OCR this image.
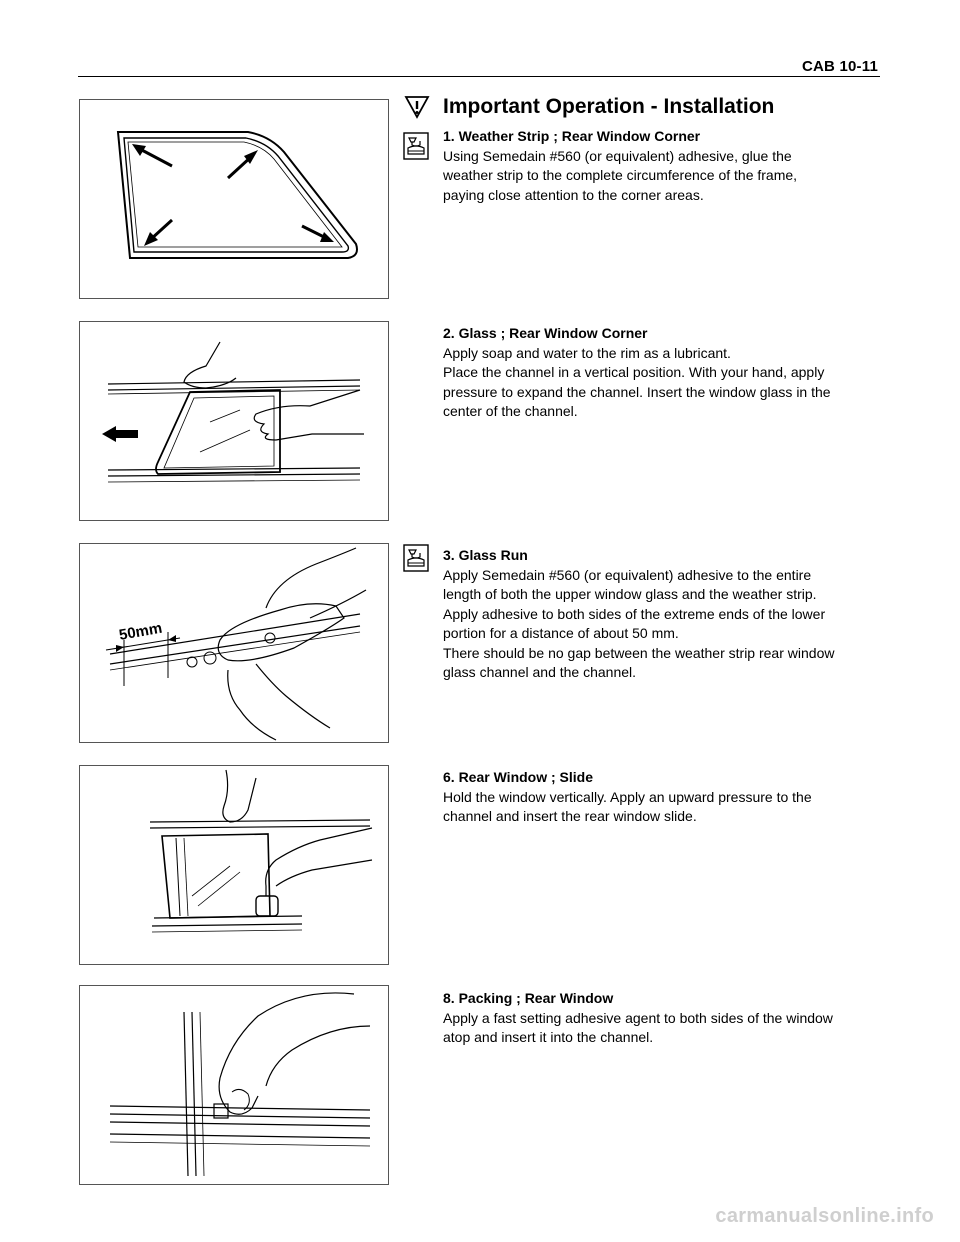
CAB 10-11
Important Operation - Installation
1. Weather Strip ; Rear Window Corner
Using Semedain #560 (or equivalent) adhesive, glue the
weather strip to the complete circumference of the frame,
paying close attention to the corner areas.
2. Glass ; Rear Window Corner
Apply soap and water to the rim as a lubricant.
Place the channel in a vertical position. With your hand, apply
pressure to expand the channel. Insert the window glass in the
center of the channel.
3. Glass Run
Apply Semedain #560 (or equivalent) adhesive to the entire
length of both the upper window glass and the weather strip.
Apply adhesive to both sides of the extreme ends of the lower
portion for a distance of about 50 mm.
There should be no gap between the weather strip rear window
glass channel and the channel.
6. Rear Window ; Slide
Hold the window vertically. Apply an upward pressure to the
channel and insert the rear window slide.
8. Packing ; Rear Window
Apply a fast setting adhesive agent to both sides of the window
atop and insert it into the channel.
50mm
carmanualsonline.info
